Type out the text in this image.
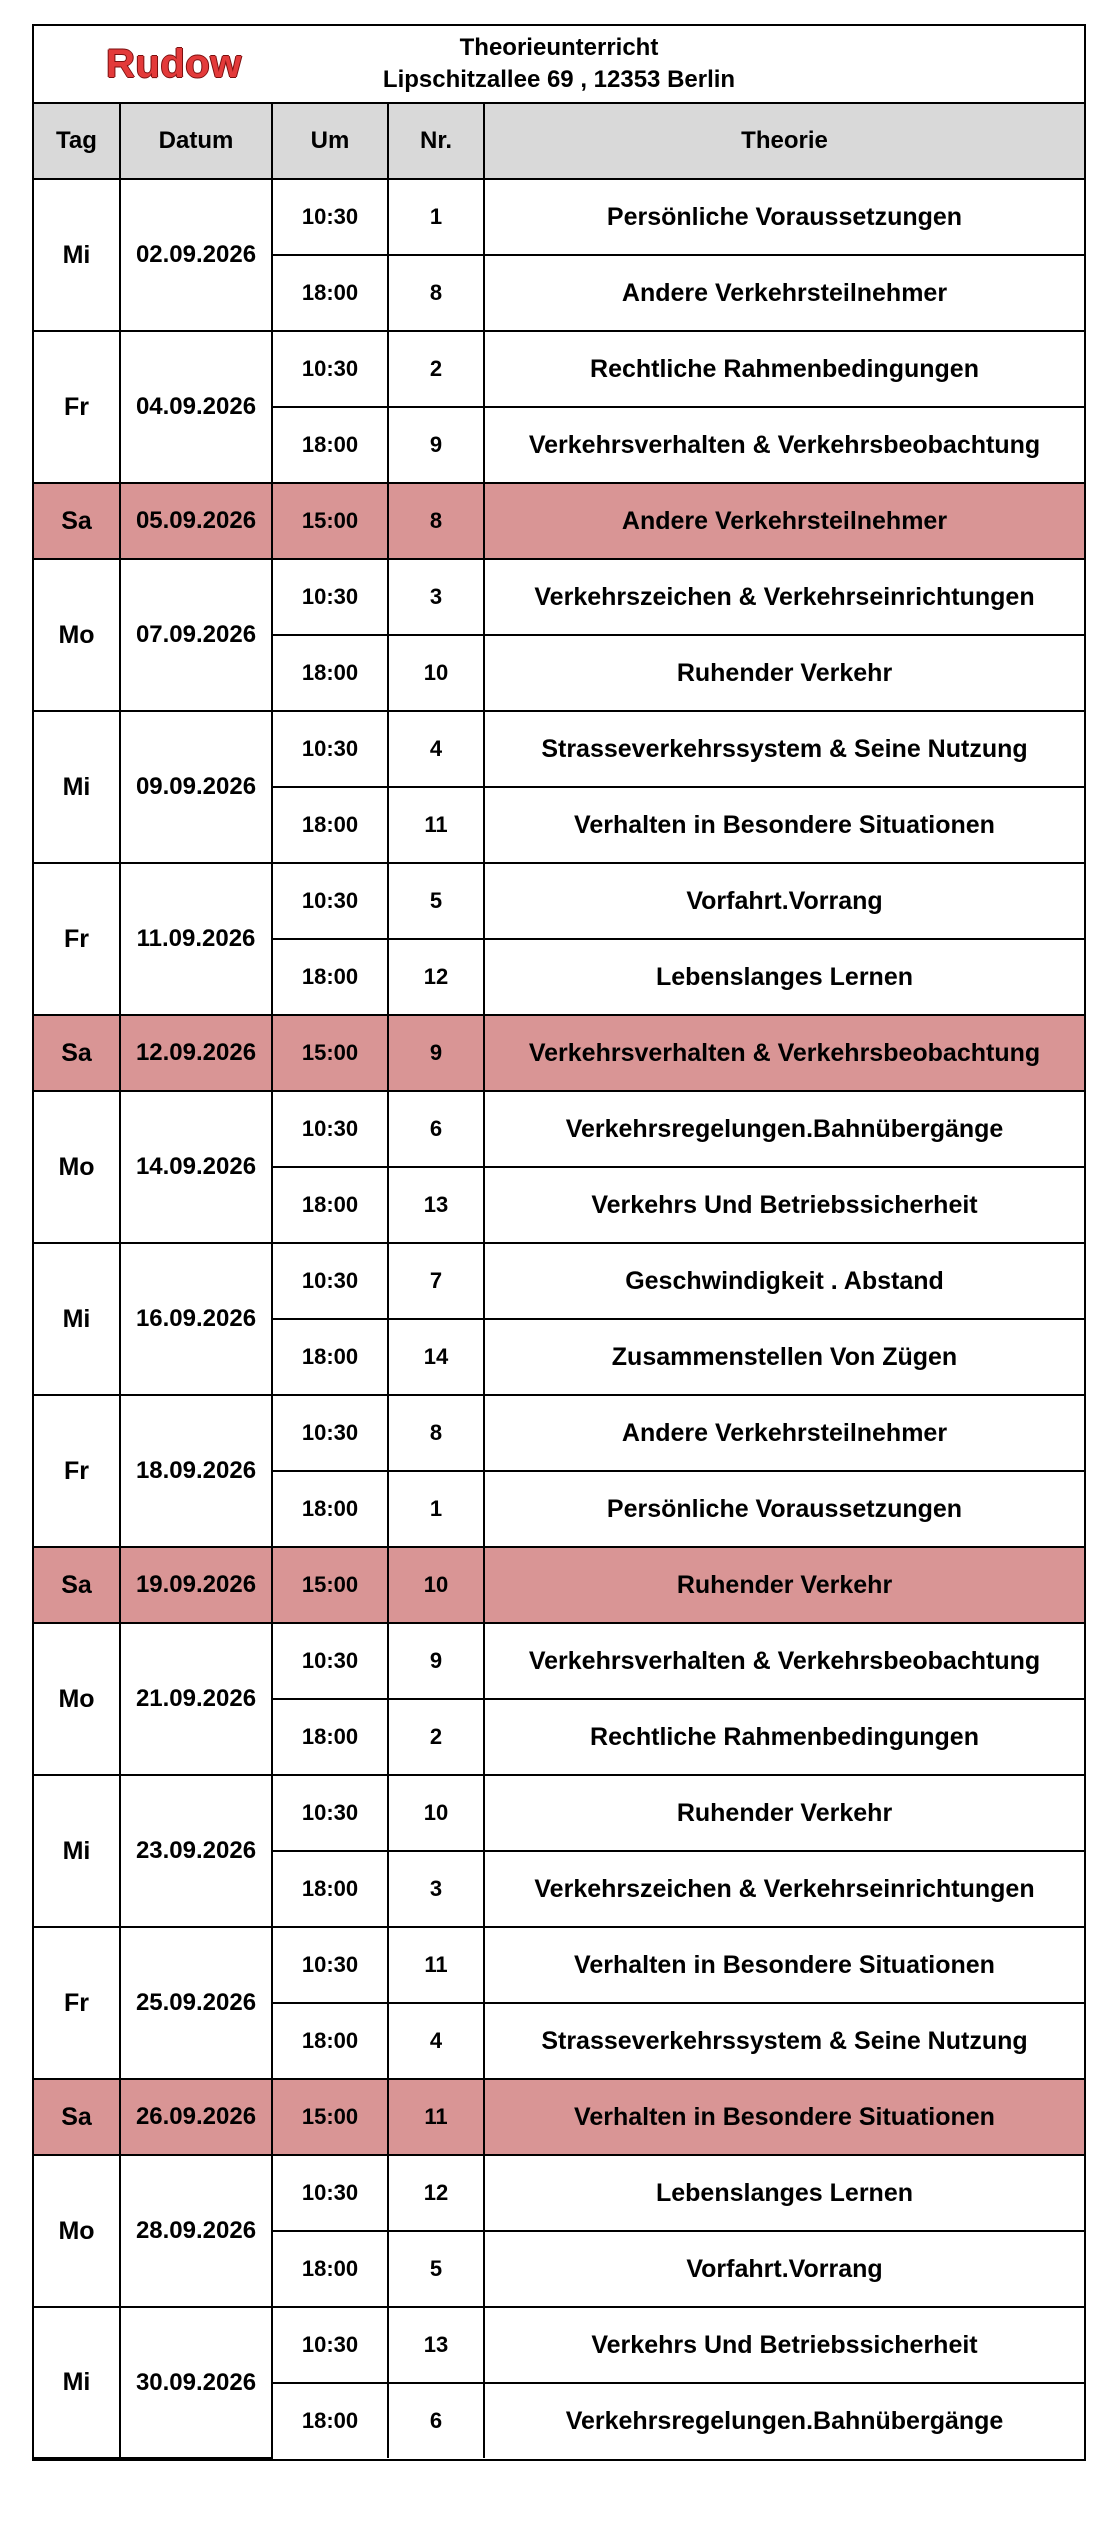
Rudow	Theorieunterricht
Lipschitzallee 69 , 12353 Berlin
Tag	Datum	Um	Nr.	Theorie
Mi	02.09.2026	10:30	1	Persönliche Voraussetzungen
		18:00	8	Andere Verkehrsteilnehmer
Fr	04.09.2026	10:30	2	Rechtliche Rahmenbedingungen
		18:00	9	Verkehrsverhalten & Verkehrsbeobachtung
Sa	05.09.2026	15:00	8	Andere Verkehrsteilnehmer
Mo	07.09.2026	10:30	3	Verkehrszeichen & Verkehrseinrichtungen
		18:00	10	Ruhender Verkehr
Mi	09.09.2026	10:30	4	Strasseverkehrssystem & Seine Nutzung
		18:00	11	Verhalten in Besondere Situationen
Fr	11.09.2026	10:30	5	Vorfahrt.Vorrang
		18:00	12	Lebenslanges Lernen
Sa	12.09.2026	15:00	9	Verkehrsverhalten & Verkehrsbeobachtung
Mo	14.09.2026	10:30	6	Verkehrsregelungen.Bahnübergänge
		18:00	13	Verkehrs Und Betriebssicherheit
Mi	16.09.2026	10:30	7	Geschwindigkeit . Abstand
		18:00	14	Zusammenstellen Von Zügen
Fr	18.09.2026	10:30	8	Andere Verkehrsteilnehmer
		18:00	1	Persönliche Voraussetzungen
Sa	19.09.2026	15:00	10	Ruhender Verkehr
Mo	21.09.2026	10:30	9	Verkehrsverhalten & Verkehrsbeobachtung
		18:00	2	Rechtliche Rahmenbedingungen
Mi	23.09.2026	10:30	10	Ruhender Verkehr
		18:00	3	Verkehrszeichen & Verkehrseinrichtungen
Fr	25.09.2026	10:30	11	Verhalten in Besondere Situationen
		18:00	4	Strasseverkehrssystem & Seine Nutzung
Sa	26.09.2026	15:00	11	Verhalten in Besondere Situationen
Mo	28.09.2026	10:30	12	Lebenslanges Lernen
		18:00	5	Vorfahrt.Vorrang
Mi	30.09.2026	10:30	13	Verkehrs Und Betriebssicherheit
		18:00	6	Verkehrsregelungen.Bahnübergänge
